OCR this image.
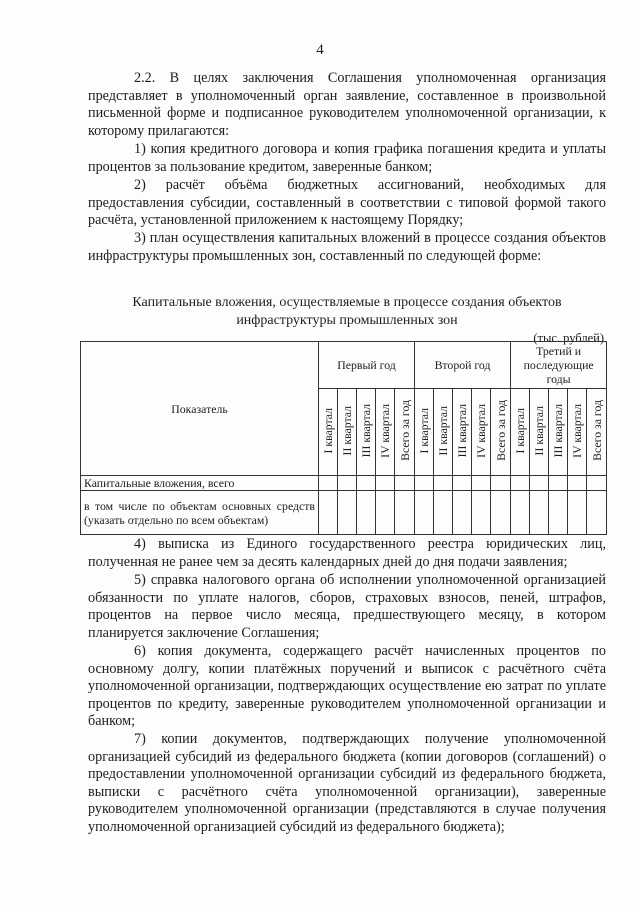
4
2.2. В целях заключения Соглашения уполномоченная организация представляет в уполномоченный орган заявление, составленное в произвольной письменной форме и подписанное руководителем уполномоченной организации, к которому прилагаются:
1) копия кредитного договора и копия графика погашения кредита и уплаты процентов за пользование кредитом, заверенные банком;
2) расчёт объёма бюджетных ассигнований, необходимых для предоставления субсидии, составленный в соответствии с типовой формой такого расчёта, установленной приложением к настоящему Порядку;
3) план осуществления капитальных вложений в процессе создания объектов инфраструктуры промышленных зон, составленный по следующей форме:
Капитальные вложения, осуществляемые в процессе создания объектов
инфраструктуры промышленных зон
(тыс. рублей)
Показатель	Первый год					Второй год					Третий и последующие годы				
	I квартал	II квартал	III квартал	IV квартал	Всего за год	I квартал	II квартал	III квартал	IV квартал	Всего за год	I квартал	II квартал	III квартал	IV квартал	Всего за год
Капитальные вложения, всего															
в том числе по объектам основных средств (указать отдельно по всем объектам)															
4) выписка из Единого государственного реестра юридических лиц, полученная не ранее чем за десять календарных дней до дня подачи заявления;
5) справка налогового органа об исполнении уполномоченной организацией обязанности по уплате налогов, сборов, страховых взносов, пеней, штрафов, процентов на первое число месяца, предшествующего месяцу, в котором планируется заключение Соглашения;
6) копия документа, содержащего расчёт начисленных процентов по основному долгу, копии платёжных поручений и выписок с расчётного счёта уполномоченной организации, подтверждающих осуществление ею затрат по уплате процентов по кредиту, заверенные руководителем уполномоченной организации и банком;
7) копии документов, подтверждающих получение уполномоченной организацией субсидий из федерального бюджета (копии договоров (соглашений) о предоставлении уполномоченной организации субсидий из федерального бюджета, выписки с расчётного счёта уполномоченной организации), заверенные руководителем уполномоченной организации (представляются в случае получения уполномоченной организацией субсидий из федерального бюджета);
